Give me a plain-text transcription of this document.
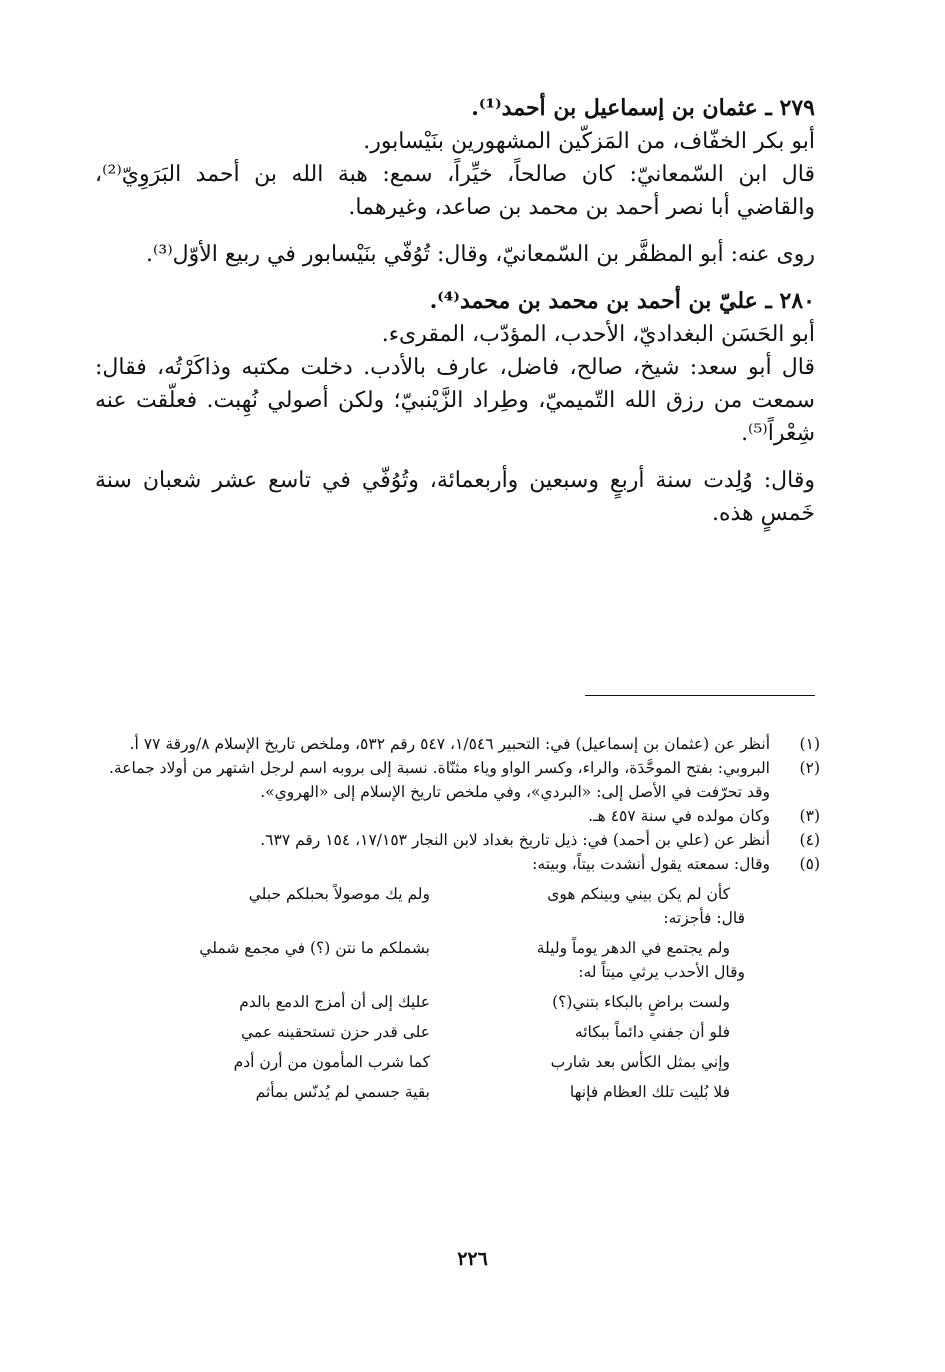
٢٧٩ ـ عثمان بن إسماعيل بن أحمد⁽¹⁾.

أبو بكر الخفّاف، من المَزكّين المشهورين بنَيْسابور.

قال ابن السّمعانيّ: كان صالحاً، خيِّراً، سمع: هبة الله بن أحمد البَرَوِيّ⁽²⁾، والقاضي أبا نصر أحمد بن محمد بن صاعد، وغيرهما.

روى عنه: أبو المظفَّر بن السّمعانيّ، وقال: تُوُفّي بنَيْسابور في ربيع الأوّل⁽³⁾.

٢٨٠ ـ عليّ بن أحمد بن محمد بن محمد⁽⁴⁾.

أبو الحَسَن البغداديّ، الأحدب، المؤدّب، المقرىء.

قال أبو سعد: شيخ، صالح، فاضل، عارف بالأدب. دخلت مكتبه وذاكَرْتُه، فقال: سمعت من رزق الله التّميميّ، وطِراد الزَّيْنبيّ؛ ولكن أصولي نُهِبت. فعلّقت عنه شِعْراً⁽⁵⁾.

وقال: وُلِدت سنة أربعٍ وسبعين وأربعمائة، وتُوُفّي في تاسع عشر شعبان سنة خَمسٍ هذه.

(١)
أنظر عن (عثمان بن إسماعيل) في: التحبير ١/٥٤٦، ٥٤٧ رقم ٥٣٢، وملخص تاريخ الإسلام ٨/ورقة ٧٧ أ.
(٢)
البروبي: بفتح الموحَّدَة، والراء، وكسر الواو وياء مثنّاة. نسبة إلى بروبه اسم لرجل اشتهر من أولاد جماعة.
وقد تحرّفت في الأصل إلى: «البردي»، وفي ملخص تاريخ الإسلام إلى «الهروي».
(٣)
وكان مولده في سنة ٤٥٧ هـ.
(٤)
أنظر عن (علي بن أحمد) في: ذيل تاريخ بغداد لابن النجار ١٧/١٥٣، ١٥٤ رقم ٦٣٧.
(٥)
وقال: سمعته يقول أنشدت بيتاً، وبيته:
كأن لم يكن بيني وبينكم هوى
ولم يك موصولاً بحبلكم حبلي
قال: فأجزته:
ولم يجتمع في الدهر يوماً وليلة
بشملكم ما نتن (؟) في مجمع شملي
وقال الأحدب يرثي ميتاً له:
ولست براضٍ بالبكاء بتني(؟)
عليك إلى أن أمزج الدمع بالدم
فلو أن جفني دائماً ببكائه
على قدر حزن تستحقينه عمي
وإني بمثل الكأس بعد شارب
كما شرب المأمون من أرن أدم
فلا بُليت تلك العظام فإنها
بقية جسمي لم يُدنّس بمأثم
٢٢٦
